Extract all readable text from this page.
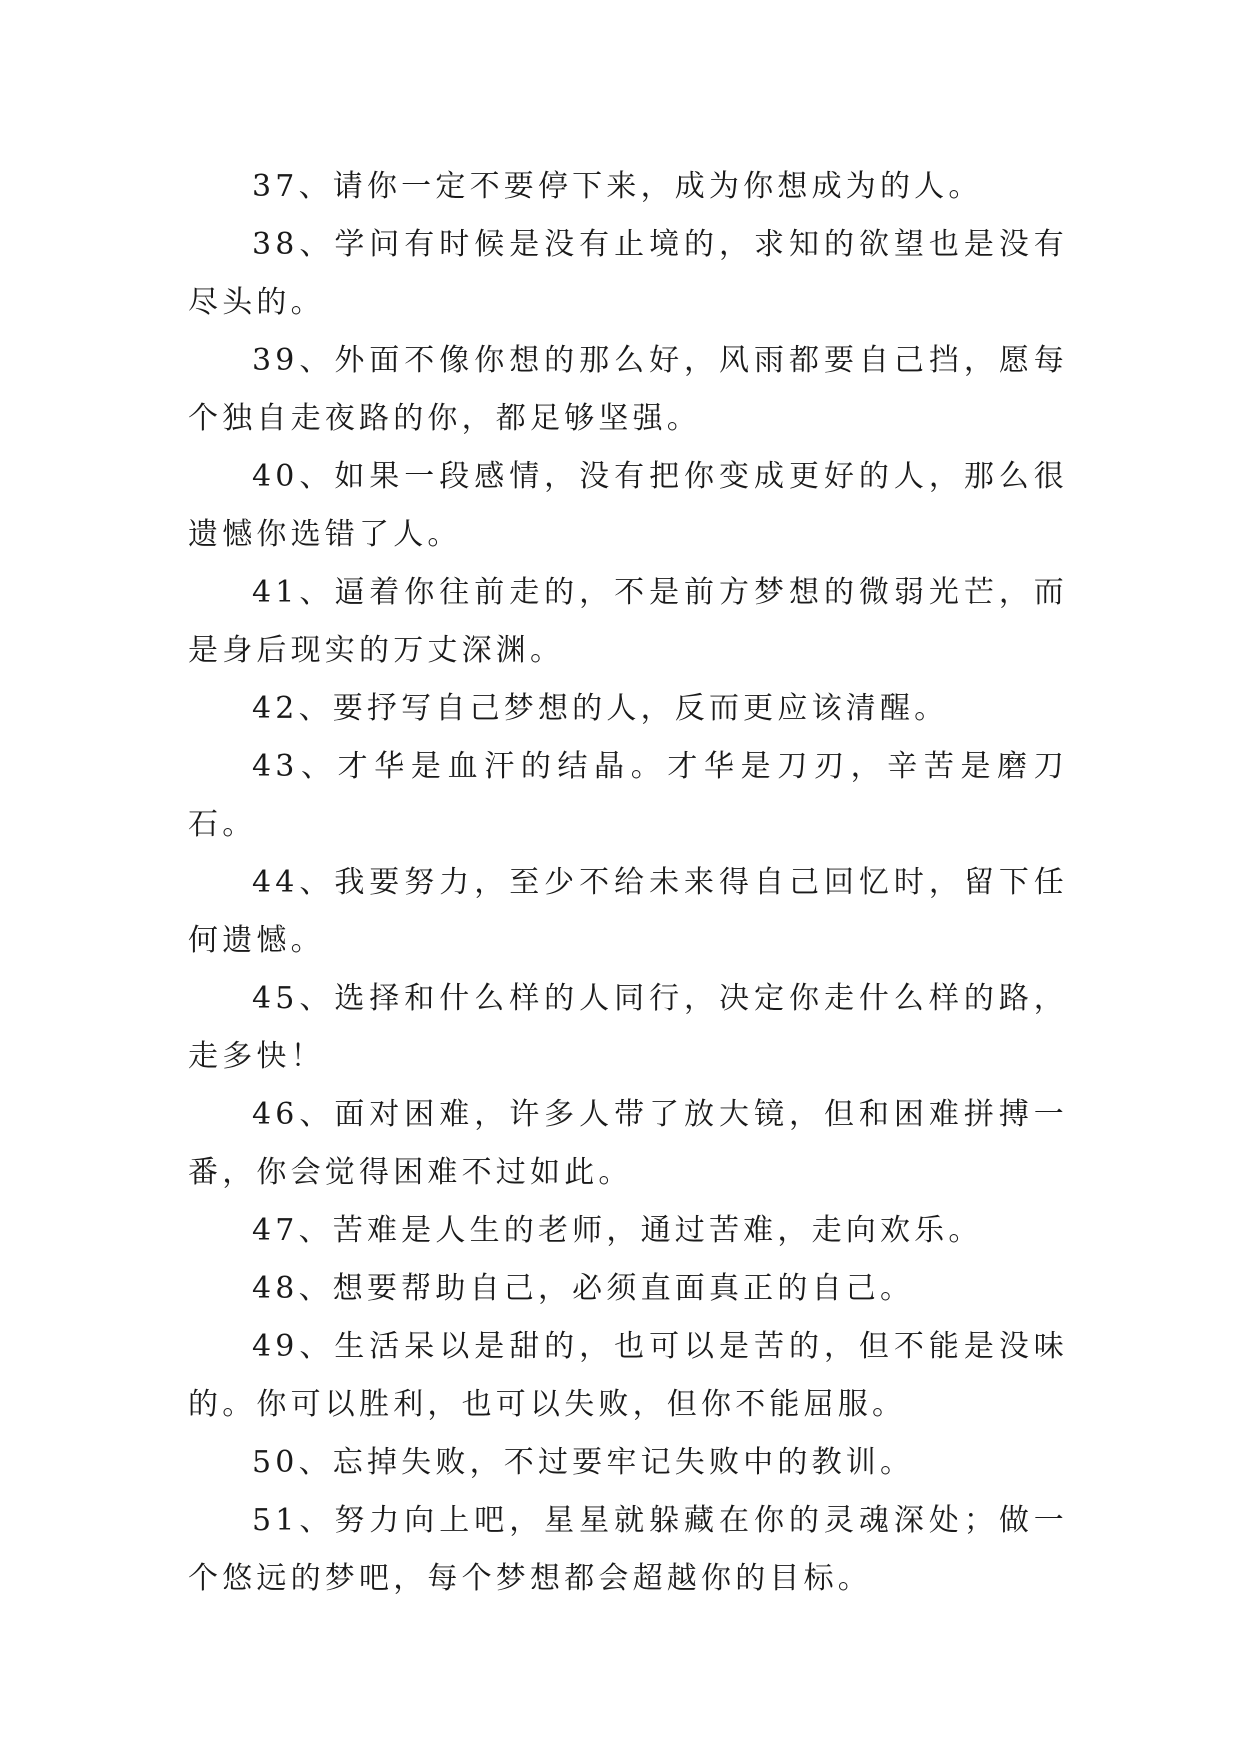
37、请你一定不要停下来，成为你想成为的人。

38、学问有时候是没有止境的，求知的欲望也是没有尽头的。

39、外面不像你想的那么好，风雨都要自己挡，愿每个独自走夜路的你，都足够坚强。

40、如果一段感情，没有把你变成更好的人，那么很遗憾你选错了人。

41、逼着你往前走的，不是前方梦想的微弱光芒，而是身后现实的万丈深渊。

42、要抒写自己梦想的人，反而更应该清醒。

43、才华是血汗的结晶。才华是刀刃，辛苦是磨刀石。

44、我要努力，至少不给未来得自己回忆时，留下任何遗憾。

45、选择和什么样的人同行，决定你走什么样的路，走多快！

46、面对困难，许多人带了放大镜，但和困难拼搏一番，你会觉得困难不过如此。

47、苦难是人生的老师，通过苦难，走向欢乐。

48、想要帮助自己，必须直面真正的自己。

49、生活呆以是甜的，也可以是苦的，但不能是没味的。你可以胜利，也可以失败，但你不能屈服。

50、忘掉失败，不过要牢记失败中的教训。

51、努力向上吧，星星就躲藏在你的灵魂深处；做一个悠远的梦吧，每个梦想都会超越你的目标。
